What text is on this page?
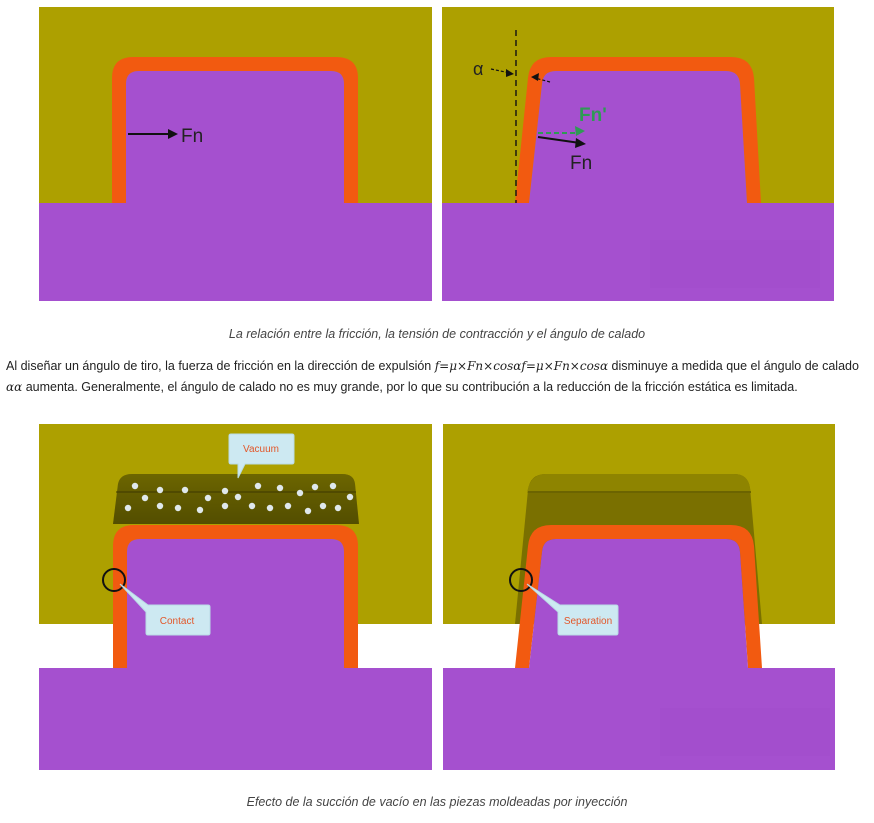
Fn
α
Fn'
Fn
La relación entre la fricción, la tensión de contracción y el ángulo de calado
Al diseñar un ángulo de tiro, la fuerza de fricción en la dirección de expulsión f=μ×Fn×cosαf=μ×Fn×cosα disminuye a medida que el ángulo de calado αα aumenta. Generalmente, el ángulo de calado no es muy grande, por lo que su contribución a la reducción de la fricción estática es limitada.
Vacuum
Contact	Separation
Efecto de la succión de vacío en las piezas moldeadas por inyección
